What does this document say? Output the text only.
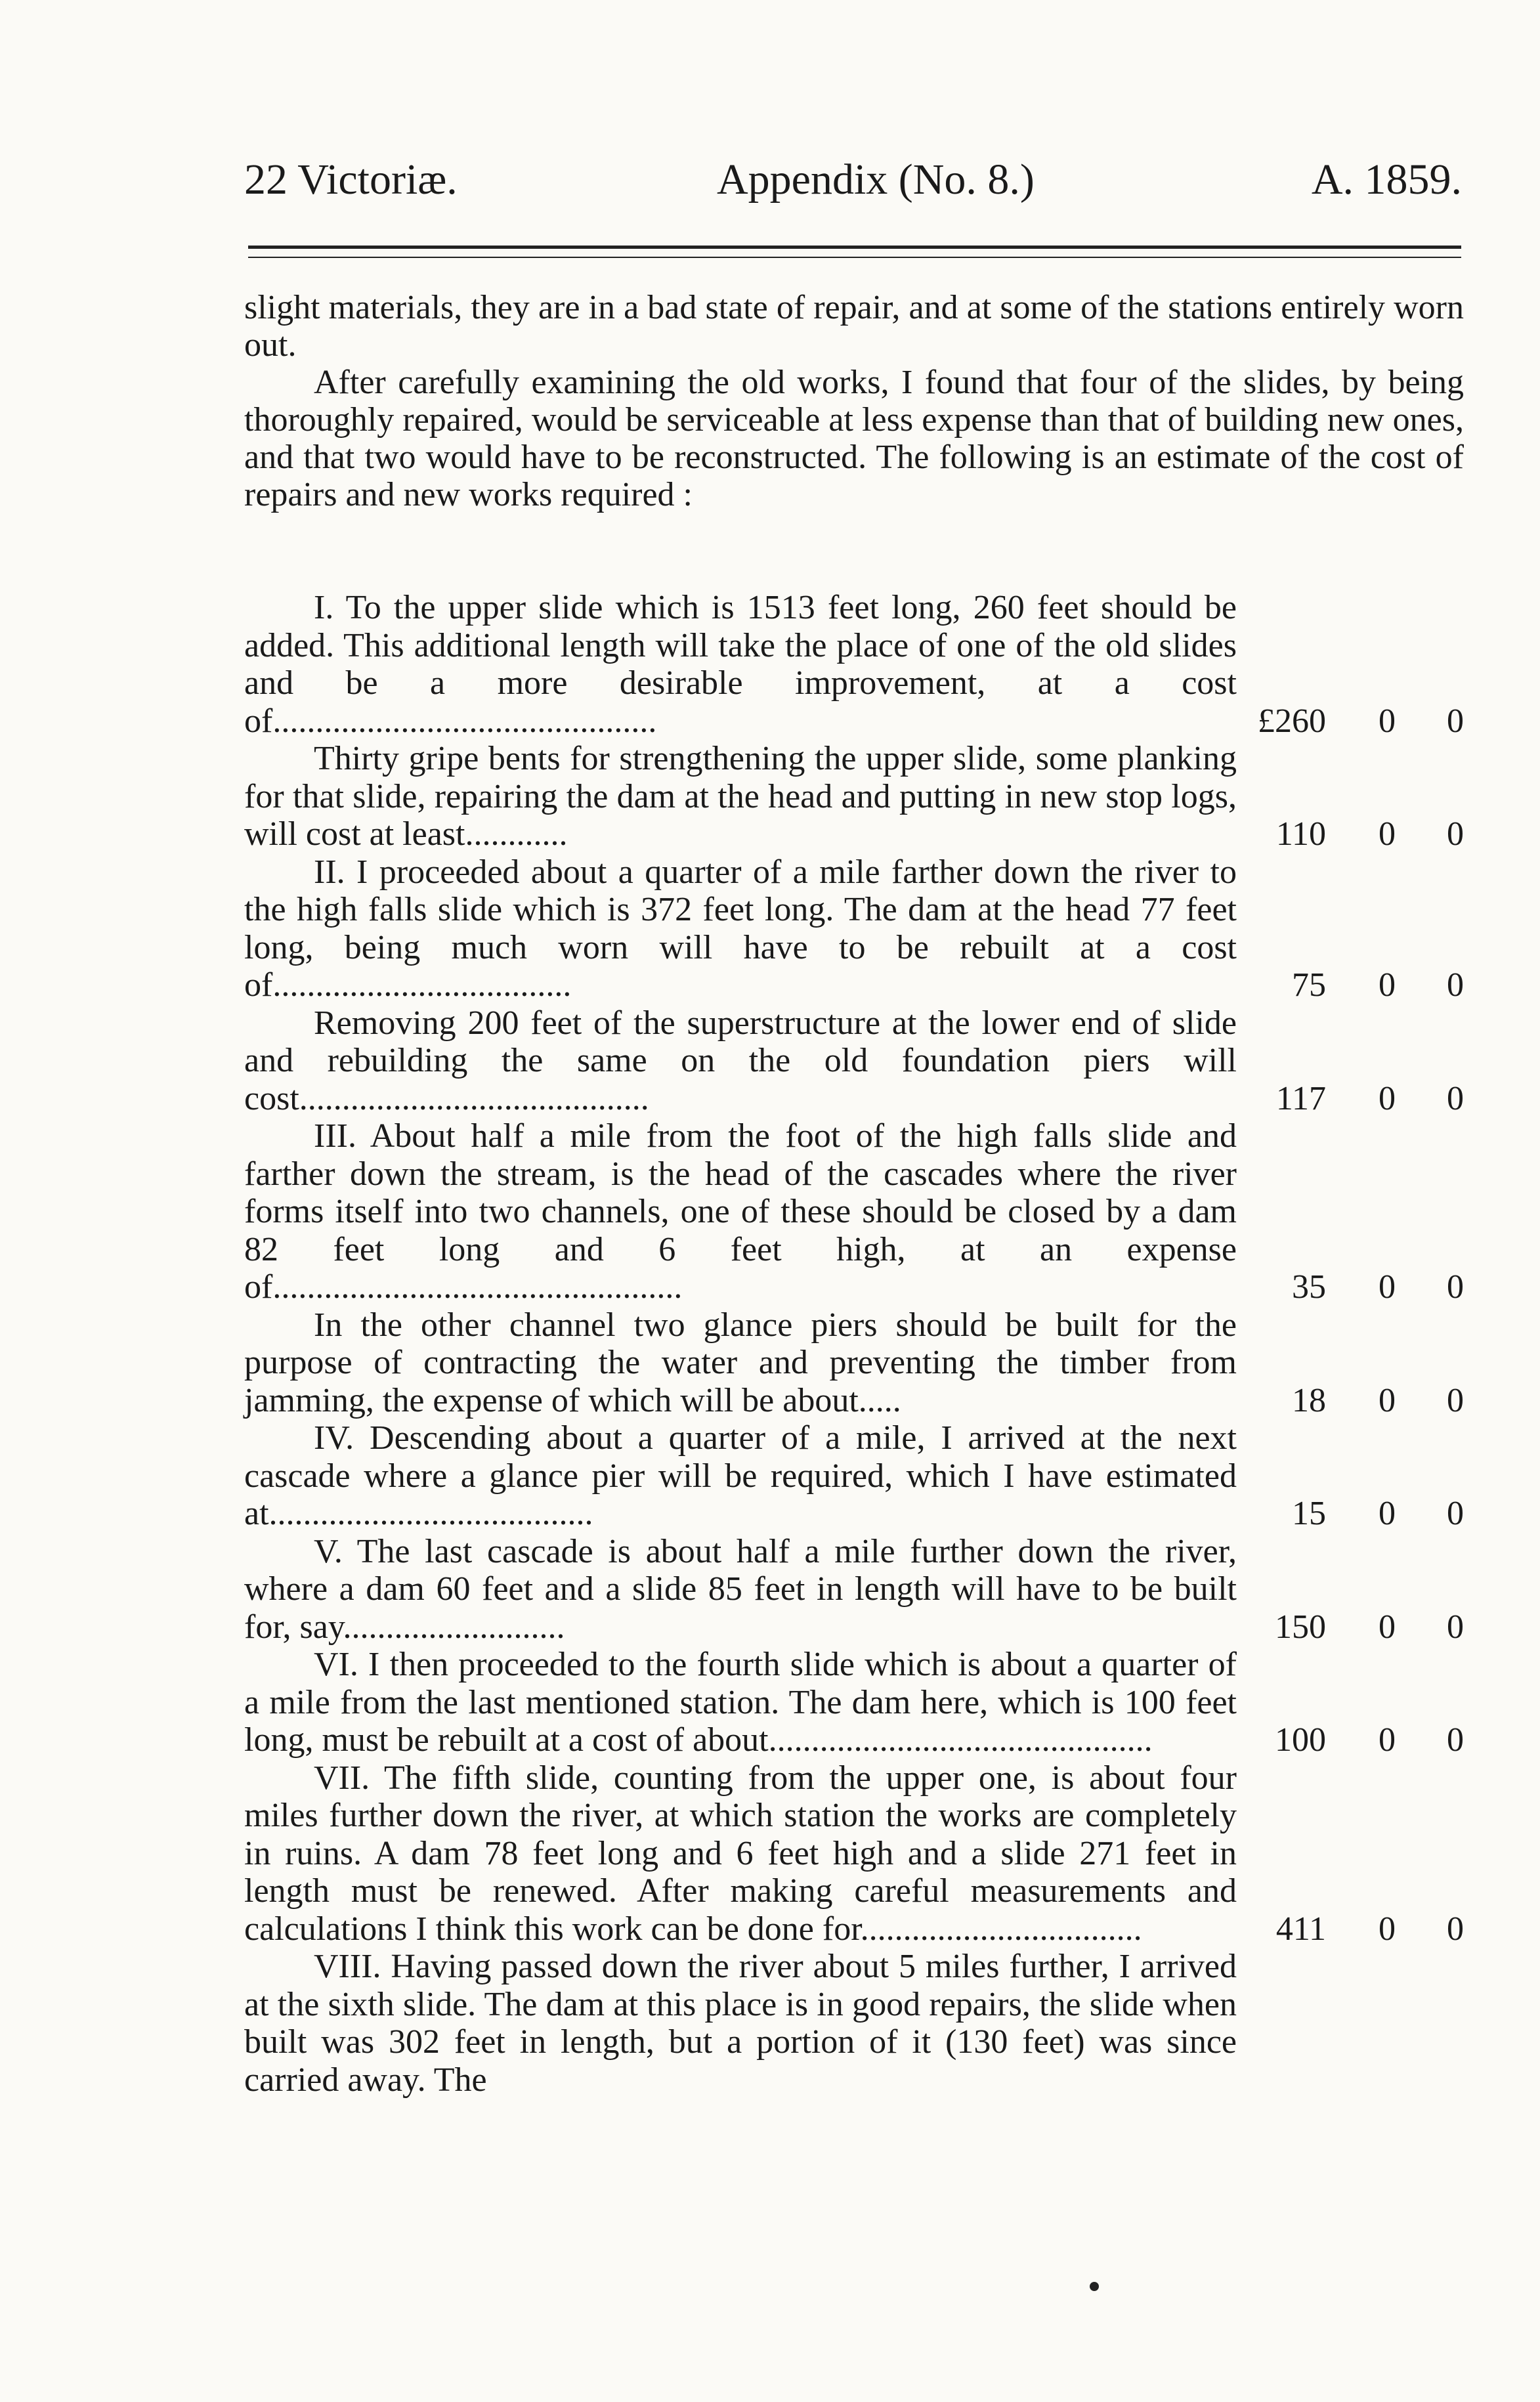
22 Victoriæ.	Appendix (No. 8.)	A. 1859.

slight materials, they are in a bad state of repair, and at some of the stations entirely worn out.

After carefully examining the old works, I found that four of the slides, by being thoroughly repaired, would be serviceable at less expense than that of building new ones, and that two would have to be reconstructed. The following is an estimate of the cost of repairs and new works required :

I. To the upper slide which is 1513 feet long, 260 feet should be added. This additional length will take the place of one of the old slides and be a more desirable improvement, at a cost of.............................................	£260 0 0
Thirty gripe bents for strengthening the upper slide, some planking for that slide, repairing the dam at the head and putting in new stop logs, will cost at least............	110 0 0
II. I proceeded about a quarter of a mile farther down the river to the high falls slide which is 372 feet long. The dam at the head 77 feet long, being much worn will have to be rebuilt at a cost of...................................	75 0 0
Removing 200 feet of the superstructure at the lower end of slide and rebuilding the same on the old foundation piers will cost.........................................	117 0 0
III. About half a mile from the foot of the high falls slide and farther down the stream, is the head of the cascades where the river forms itself into two channels, one of these should be closed by a dam 82 feet long and 6 feet high, at an expense of................................................	35 0 0
In the other channel two glance piers should be built for the purpose of contracting the water and preventing the timber from jamming, the expense of which will be about.....	18 0 0
IV. Descending about a quarter of a mile, I arrived at the next cascade where a glance pier will be required, which I have estimated at......................................	15 0 0
V. The last cascade is about half a mile further down the river, where a dam 60 feet and a slide 85 feet in length will have to be built for, say..........................	150 0 0
VI. I then proceeded to the fourth slide which is about a quarter of a mile from the last mentioned station. The dam here, which is 100 feet long, must be rebuilt at a cost of about.............................................	100 0 0
VII. The fifth slide, counting from the upper one, is about four miles further down the river, at which station the works are completely in ruins. A dam 78 feet long and 6 feet high and a slide 271 feet in length must be renewed. After making careful measurements and calculations I think this work can be done for.................................	411 0 0
VIII. Having passed down the river about 5 miles further, I arrived at the sixth slide. The dam at this place is in good repairs, the slide when built was 302 feet in length, but a portion of it (130 feet) was since carried away. The
